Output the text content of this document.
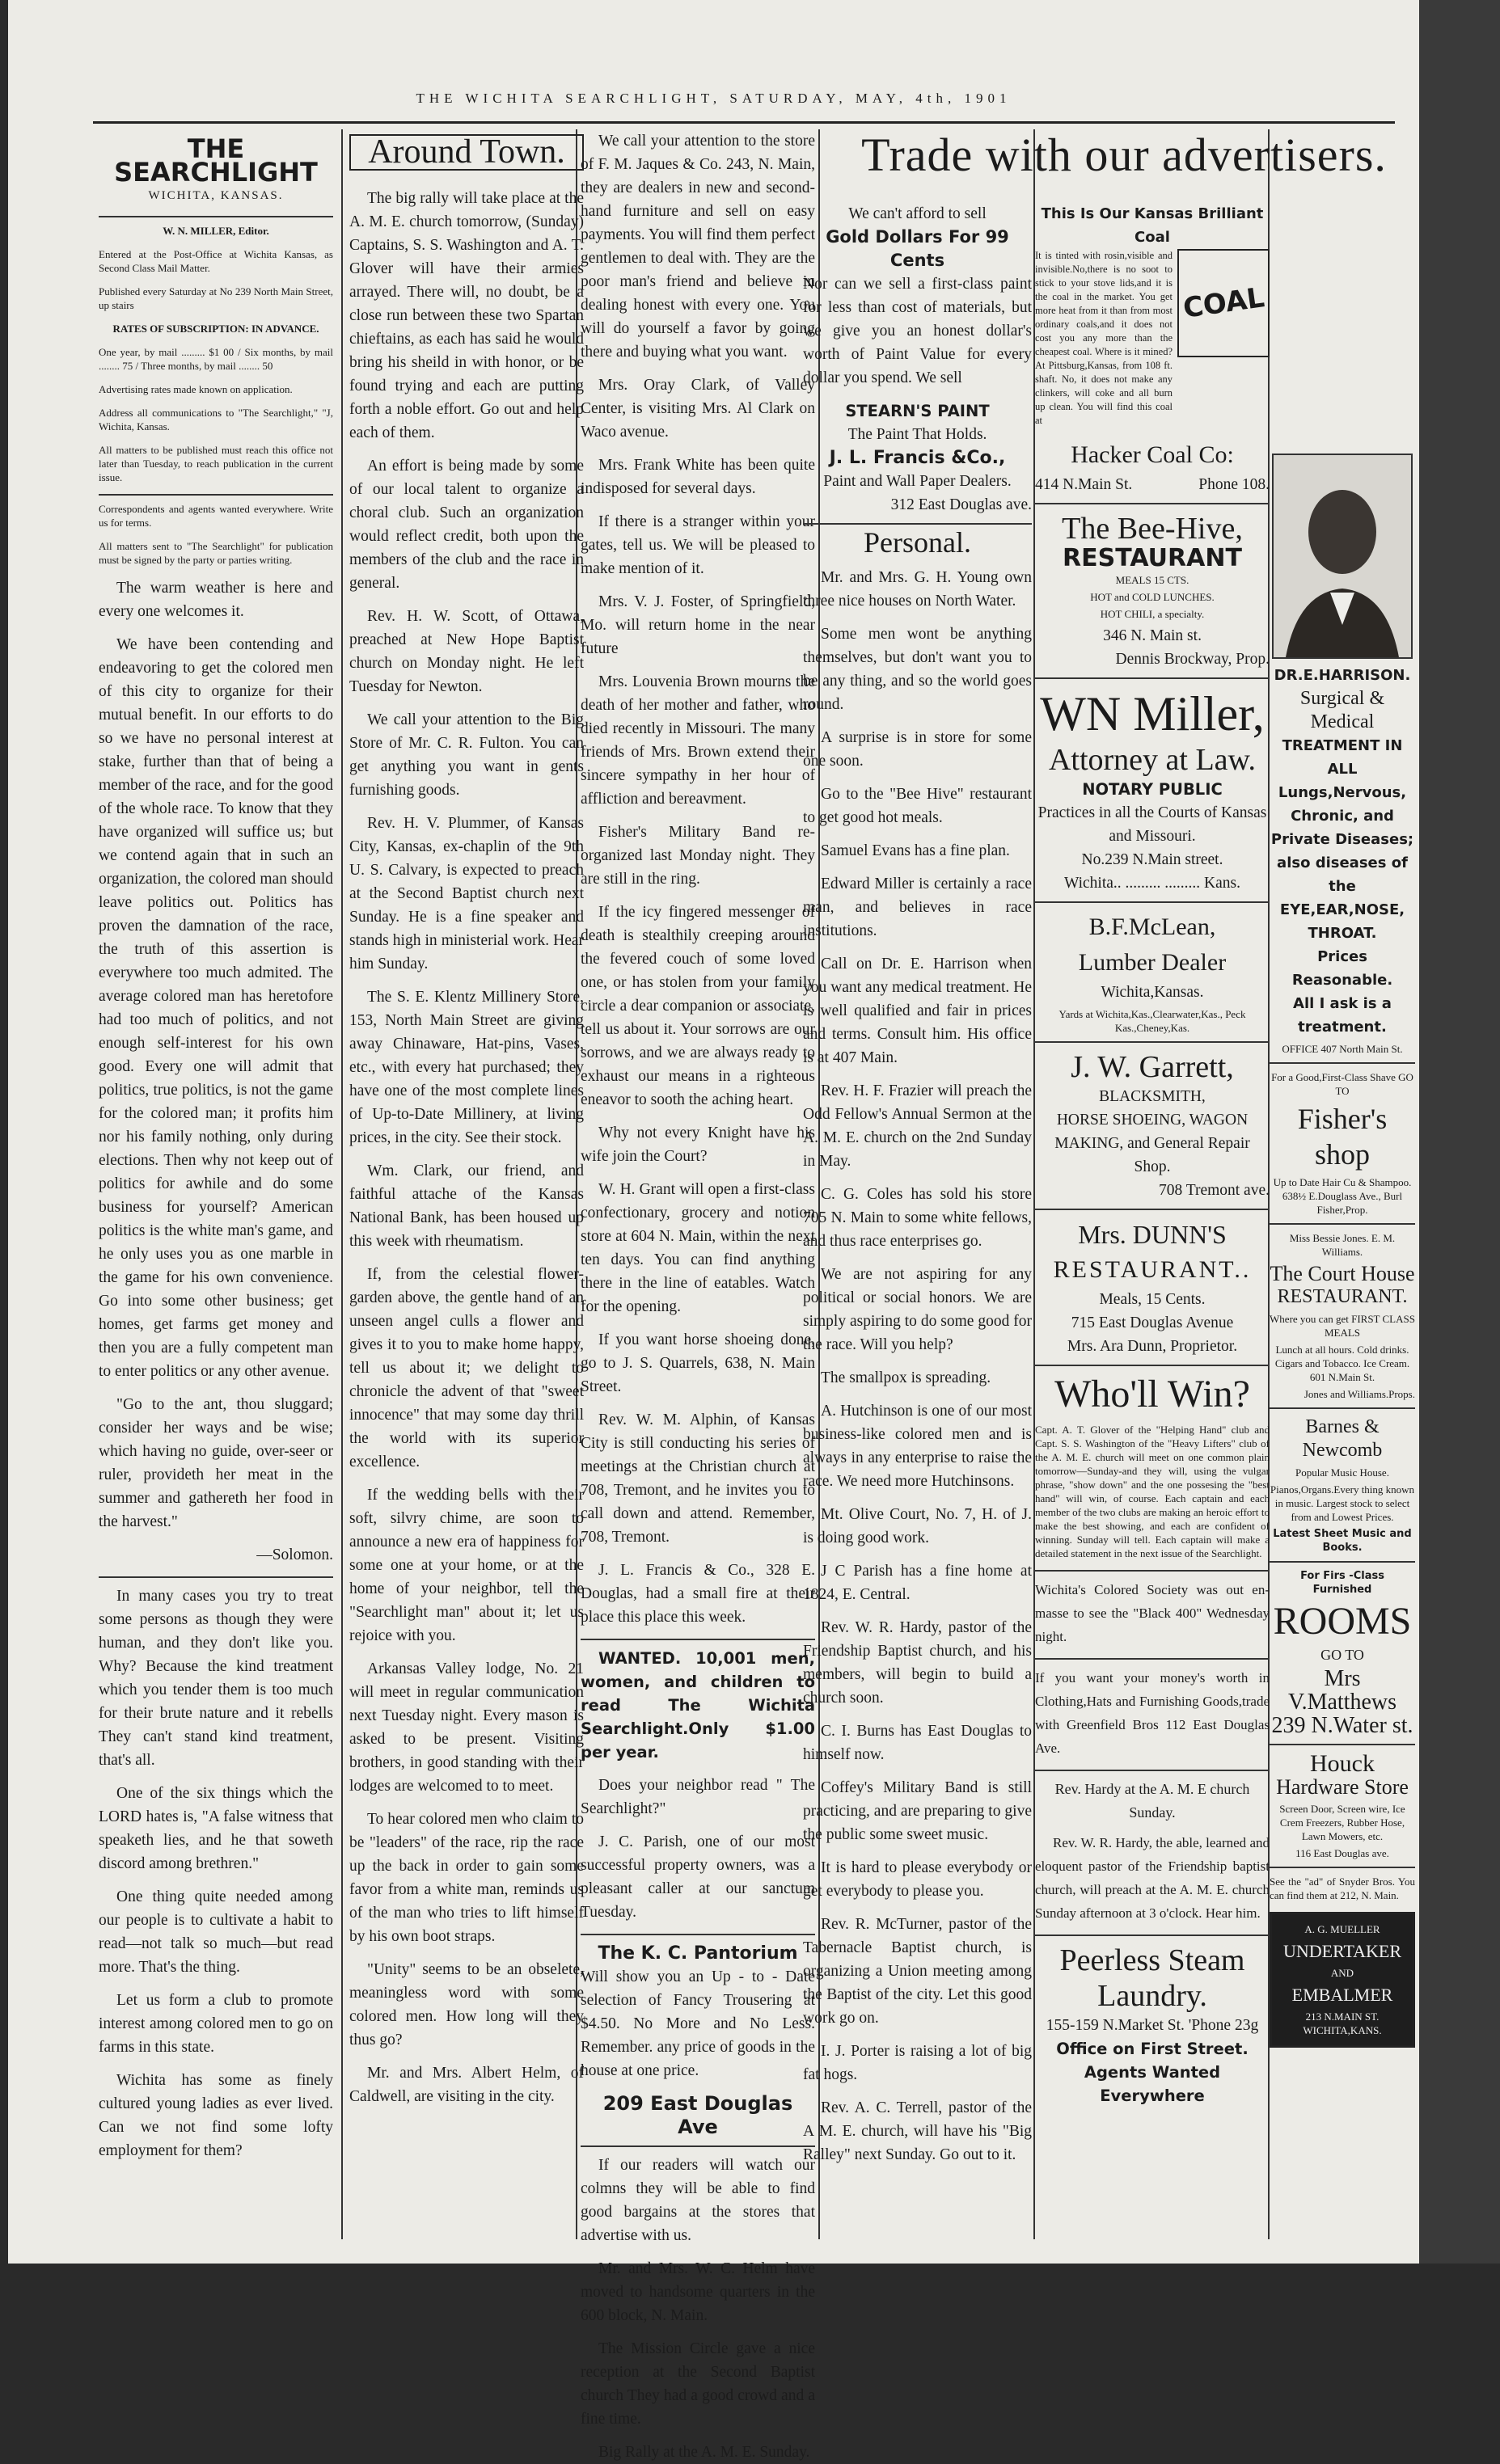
THE WICHITA SEARCHLIGHT, SATURDAY, MAY, 4th, 1901
THE SEARCHLIGHT
WICHITA, KANSAS.

W. N. MILLER, Editor.

Entered at the Post-Office at Wichita Kansas, as Second Class Mail Matter.

Published every Saturday at No 239 North Main Street, up stairs

RATES OF SUBSCRIPTION: IN ADVANCE.

One year, by mail ......... $1 00 / Six months, by mail ........ 75 / Three months, by mail ........ 50

Advertising rates made known on application.

Address all communications to "The Searchlight," "J, Wichita, Kansas.

All matters to be published must reach this office not later than Tuesday, to reach publication in the current issue.

Correspondents and agents wanted everywhere. Write us for terms.

All matters sent to "The Searchlight" for publication must be signed by the party or parties writing.

The warm weather is here and every one welcomes it.

We have been contending and endeavoring to get the colored men of this city to organize for their mutual benefit. In our efforts to do so we have no personal interest at stake, further than that of being a member of the race, and for the good of the whole race. To know that they have organized will suffice us; but we contend again that in such an organization, the colored man should leave politics out. Politics has proven the damnation of the race, the truth of this assertion is everywhere too much admited. The average colored man has heretofore had too much of politics, and not enough self-interest for his own good. Every one will admit that politics, true politics, is not the game for the colored man; it profits him nor his family nothing, only during elections. Then why not keep out of politics for awhile and do some business for yourself? American politics is the white man's game, and he only uses you as one marble in the game for his own convenience. Go into some other business; get homes, get farms get money and then you are a fully competent man to enter politics or any other avenue.

"Go to the ant, thou sluggard; consider her ways and be wise; which having no guide, over-seer or ruler, provideth her meat in the summer and gathereth her food in the harvest."

—Solomon.

In many cases you try to treat some persons as though they were human, and they don't like you. Why? Because the kind treatment which you tender them is too much for their brute nature and it rebells They can't stand kind treatment, that's all.

One of the six things which the LORD hates is, "A false witness that speaketh lies, and he that soweth discord among brethren."

One thing quite needed among our people is to cultivate a habit to read—not talk so much—but read more. That's the thing.

Let us form a club to promote interest among colored men to go on farms in this state.

Wichita has some as finely cultured young ladies as ever lived. Can we not find some lofty employment for them?

Around Town.

The big rally will take place at the A. M. E. church tomorrow, (Sunday) Captains, S. S. Washington and A. T. Glover will have their armies arrayed. There will, no doubt, be a close run between these two Spartan chieftains, as each has said he would bring his sheild in with honor, or be found trying and each are putting forth a noble effort. Go out and help each of them.

An effort is being made by some of our local talent to organize a choral club. Such an organization would reflect credit, both upon the members of the club and the race in general.

Rev. H. W. Scott, of Ottawa, preached at New Hope Baptist church on Monday night. He left Tuesday for Newton.

We call your attention to the Big Store of Mr. C. R. Fulton. You can get anything you want in gents furnishing goods.

Rev. H. V. Plummer, of Kansas City, Kansas, ex-chaplin of the 9th U. S. Calvary, is expected to preach at the Second Baptist church next Sunday. He is a fine speaker and stands high in ministerial work. Hear him Sunday.

The S. E. Klentz Millinery Store, 153, North Main Street are giving away Chinaware, Hat-pins, Vases, etc., with every hat purchased; they have one of the most complete lines of Up-to-Date Millinery, at living prices, in the city. See their stock.

Wm. Clark, our friend, and faithful attache of the Kansas National Bank, has been housed up this week with rheumatism.

If, from the celestial flower-garden above, the gentle hand of an unseen angel culls a flower and gives it to you to make home happy, tell us about it; we delight to chronicle the advent of that "sweet innocence" that may some day thrill the world with its superior excellence.

If the wedding bells with their soft, silvry chime, are soon to announce a new era of happiness for some one at your home, or at the home of your neighbor, tell the "Searchlight man" about it; let us rejoice with you.

Arkansas Valley lodge, No. 21 will meet in regular communication next Tuesday night. Every mason is asked to be present. Visiting brothers, in good standing with their lodges are welcomed to to meet.

To hear colored men who claim to be "leaders" of the race, rip the race up the back in order to gain some favor from a white man, reminds us of the man who tries to lift himself by his own boot straps.

"Unity" seems to be an obselete, meaningless word with some colored men. How long will they thus go?

Mr. and Mrs. Albert Helm, of Caldwell, are visiting in the city.

We call your attention to the store of F. M. Jaques & Co. 243, N. Main, they are dealers in new and second-hand furniture and sell on easy payments. You will find them perfect gentlemen to deal with. They are the poor man's friend and believe in dealing honest with every one. You will do yourself a favor by going there and buying what you want.

Mrs. Oray Clark, of Valley Center, is visiting Mrs. Al Clark on Waco avenue.

Mrs. Frank White has been quite indisposed for several days.

If there is a stranger within your gates, tell us. We will be pleased to make mention of it.

Mrs. V. J. Foster, of Springfield, Mo. will return home in the near future

Mrs. Louvenia Brown mourns the death of her mother and father, who died recently in Missouri. The many friends of Mrs. Brown extend their sincere sympathy in her hour of affliction and bereavment.

Fisher's Military Band re-organized last Monday night. They are still in the ring.

If the icy fingered messenger of death is stealthily creeping around the fevered couch of some loved one, or has stolen from your family circle a dear companion or associate, tell us about it. Your sorrows are our sorrows, and we are always ready to exhaust our means in a righteous eneavor to sooth the aching heart.

Why not every Knight have his wife join the Court?

W. H. Grant will open a first-class confectionary, grocery and notion store at 604 N. Main, within the next ten days. You can find anything there in the line of eatables. Watch for the opening.

If you want horse shoeing done, go to J. S. Quarrels, 638, N. Main Street.

Rev. W. M. Alphin, of Kansas City is still conducting his series of meetings at the Christian church at 708, Tremont, and he invites you to call down and attend. Remember, 708, Tremont.

J. L. Francis & Co., 328 E. Douglas, had a small fire at their place this place this week.

WANTED. 10,001 men, women, and children to read The Wichita Searchlight.Only $1.00 per year.

Does your neighbor read " The Searchlight?"

J. C. Parish, one of our most successful property owners, was a pleasant caller at our sanctum Tuesday.

The K. C. Pantorium

Will show you an Up - to - Date selection of Fancy Trousering at $4.50. No More and No Less. Remember. any price of goods in the house at one price.

209 East Douglas Ave

If our readers will watch our colmns they will be able to find good bargains at the stores that advertise with us.

Mr. and Mrs. W. C. Helm have moved to handsome quarters in the 600 block, N. Main.

The Mission Circle gave a nice reception at the Second Baptist church They had a good crowd and a fine time.

Big Rally at the A. M. E. Sunday.

Trade with our advertisers.
We can't afford to sell
Gold Dollars For 99 Cents

Nor can we sell a first-class paint for less than cost of materials, but we give you an honest dollar's worth of Paint Value for every dollar you spend. We sell

STEARN'S PAINT
The Paint That Holds.
J. L. Francis &Co.,
Paint and Wall Paper Dealers.
312 East Douglas ave.
Personal.

Mr. and Mrs. G. H. Young own three nice houses on North Water.

Some men wont be anything themselves, but don't want you to be any thing, and so the world goes round.

A surprise is in store for some one soon.

Go to the "Bee Hive" restaurant to get good hot meals.

Samuel Evans has a fine plan.

Edward Miller is certainly a race man, and believes in race institutions.

Call on Dr. E. Harrison when you want any medical treatment. He is well qualified and fair in prices and terms. Consult him. His office is at 407 Main.

Rev. H. F. Frazier will preach the Odd Fellow's Annual Sermon at the A. M. E. church on the 2nd Sunday in May.

C. G. Coles has sold his store 705 N. Main to some white fellows, and thus race enterprises go.

We are not aspiring for any political or social honors. We are simply aspiring to do some good for the race. Will you help?

The smallpox is spreading.

A. Hutchinson is one of our most business-like colored men and is always in any enterprise to raise the race. We need more Hutchinsons.

Mt. Olive Court, No. 7, H. of J. is doing good work.

J C Parish has a fine home at 1824, E. Central.

Rev. W. R. Hardy, pastor of the Friendship Baptist church, and his members, will begin to build a church soon.

C. I. Burns has East Douglas to himself now.

Coffey's Military Band is still practicing, and are preparing to give the public some sweet music.

It is hard to please everybody or get everybody to please you.

Rev. R. McTurner, pastor of the Tabernacle Baptist church, is organizing a Union meeting among the Baptist of the city. Let this good work go on.

I. J. Porter is raising a lot of big fat hogs.

Rev. A. C. Terrell, pastor of the A M. E. church, will have his "Big Ralley" next Sunday. Go out to it.

This Is Our Kansas Brilliant Coal

It is tinted with rosin,visible and invisible.No,there is no soot to stick to your stove lids,and it is the coal in the market. You get more heat from it than from most ordinary coals,and it does not cost you any more than the cheapest coal. Where is it mined? At Pittsburg,Kansas, from 108 ft. shaft. No, it does not make any clinkers, will coke and all burn up clean. You will find this coal at

COAL
Hacker Coal Co:
414 N.Main St.	Phone 108.
The Bee-Hive,
RESTAURANT
MEALS 15 CTS.
HOT and COLD LUNCHES.
HOT CHILI, a specialty.
346 N. Main st.
Dennis Brockway, Prop.
WN Miller,
Attorney at Law.
NOTARY PUBLIC
Practices in all the Courts of Kansas and Missouri.
No.239 N.Main street.
Wichita.. ......... ......... Kans.
B.F.McLean,
Lumber Dealer
Wichita,Kansas.
Yards at Wichita,Kas.,Clearwater,Kas., Peck Kas.,Cheney,Kas.
J. W. Garrett,
BLACKSMITH,
HORSE SHOEING, WAGON MAKING, and General Repair Shop.
708 Tremont ave.
Mrs. DUNN'S
RESTAURANT..
Meals, 15 Cents.
715 East Douglas Avenue
Mrs. Ara Dunn, Proprietor.
Who'll Win?

Capt. A. T. Glover of the "Helping Hand" club and Capt. S. S. Washington of the "Heavy Lifters" club of the A. M. E. church will meet on one common plain tomorrow—Sunday-and they will, using the vulgar phrase, "show down" and the one possesing the "best hand" will win, of course. Each captain and each member of the two clubs are making an heroic effort to make the best showing, and each are confident of winning. Sunday will tell. Each captain will make a detailed statement in the next issue of the Searchlight.

Wichita's Colored Society was out en-masse to see the "Black 400" Wednesday night.

If you want your money's worth in Clothing,Hats and Furnishing Goods,trade with Greenfield Bros 112 East Douglas Ave.

Rev. Hardy at the A. M. E church Sunday.

Rev. W. R. Hardy, the able, learned and eloquent pastor of the Friendship baptist church, will preach at the A. M. E. church Sunday afternoon at 3 o'clock. Hear him.

Peerless Steam
Laundry.
155-159 N.Market St. 'Phone 23g
Office on First Street.
Agents Wanted Everywhere
DR.E.HARRISON.
Surgical & Medical
TREATMENT IN ALL
Lungs,Nervous, Chronic, and Private Diseases;
also diseases of the
EYE,EAR,NOSE, THROAT.
Prices Reasonable.
All I ask is a treatment.
OFFICE 407 North Main St.
For a Good,First-Class Shave GO TO
Fisher's shop
Up to Date Hair Cu & Shampoo. 638½ E.Douglass Ave., Burl Fisher,Prop.
Miss Bessie Jones. E. M. Williams.
The Court House
RESTAURANT.
Where you can get FIRST CLASS MEALS
Lunch at all hours. Cold drinks. Cigars and Tobacco. Ice Cream. 601 N.Main St.
Jones and Williams.Props.
Barnes & Newcomb
Popular Music House.
Pianos,Organs.Every thing known in music. Largest stock to select from and Lowest Prices.
Latest Sheet Music and Books.
For Firs -Class Furnished
ROOMS
GO TO
Mrs V.Matthews
239 N.Water st.
Houck
Hardware Store
Screen Door, Screen wire, Ice Crem Freezers, Rubber Hose, Lawn Mowers, etc.
116 East Douglas ave.

See the "ad" of Snyder Bros. You can find them at 212, N. Main.

A. G. MUELLER
UNDERTAKER
AND
EMBALMER
213 N.MAIN ST. WICHITA,KANS.
